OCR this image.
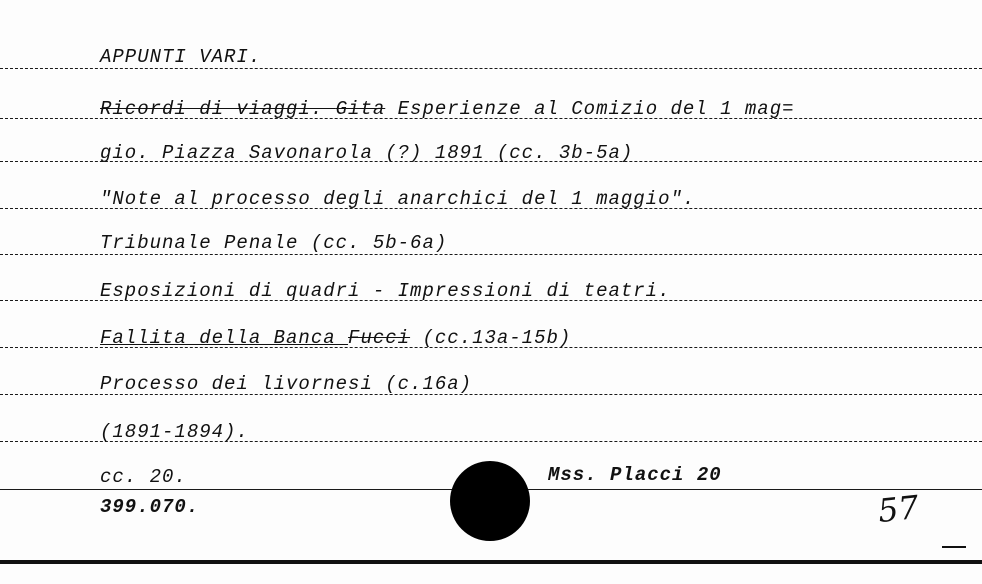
APPUNTI VARI.
Ricordi di viaggi. Gita Esperienze al Comizio del 1 mag=
gio. Piazza Savonarola (?) 1891 (cc. 3b-5a)
"Note al processo degli anarchici del 1 maggio".
Tribunale Penale (cc. 5b-6a)
Esposizioni di quadri - Impressioni di teatri.
Fallita della Banca Fucci (cc.13a-15b)
Processo dei livornesi (c.16a)
(1891-1894).
cc. 20.
399.070.
Mss. Placci 20
57
